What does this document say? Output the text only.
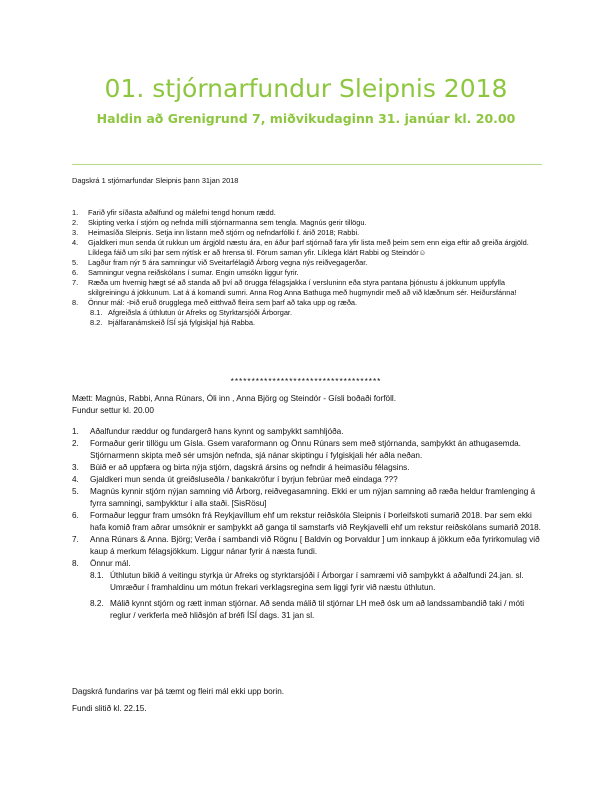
01. stjórnarfundur Sleipnis 2018
Haldin að Grenigrund 7, miðvikudaginn 31. janúar kl. 20.00
Dagskrá 1 stjórnarfundar Sleipnis þann 31jan 2018
1. Farið yfir síðasta aðalfund og málefni tengd honum rædd.
2. Skipting verka í stjórn og nefnda milli stjórnarmanna sem tengla. Magnús gerir tillögu.
3. Heimasíða Sleipnis. Setja inn listann með stjórn og nefndarfólki f. árið 2018; Rabbi.
4. Gjaldkeri mun senda út rukkun um árgjöld næstu ára, en áður þarf stjórnað fara yfir lista með þeim sem enn eiga eftir að greiða árgjöld. Líklega fáið um síki þar sem nýtísk er að hrensa til. Förum saman yfir. Líklega klárt Rabbi og Steindór☺
5. Lagður fram nýr 5 ára samningur við Sveitarfélagið Árborg vegna nýs reiðvegagerðar.
6. Samningur vegna reiðskólans í sumar. Engin umsókn liggur fyrir.
7. Ræða um hvernig hægt sé að standa að því að örugga félagsjakka í versluninn eða styra pantana þjónustu á jökkunum uppfylla skilgreiningu á jökkunum. Lat á á komandi sumri. Anna Rog Anna Bathuga með hugmyndir með að við klæðnum sér. Heiðursfánna!
8. Önnur mál: -Þið eruð örugglega með eitthvað fleira sem þarf að taka upp og ræða.
8.1. Afgreiðsla á úthlutun úr Afreks og Styrktarsjóði Árborgar.
8.2. Þjálfaranámskeið ÍSÍ sjá fylgiskjal hjá Rabba.
************************************
Mætt: Magnús, Rabbi, Anna Rúnars, Óli inn , Anna Björg og Steindór - Gísli boðaði forföll.
Fundur settur kl. 20.00
1. Aðalfundur ræddur og fundargerð hans kynnt og samþykkt samhljóða.
2. Formaður gerir tillögu um Gísla. Gsem varaformann og Önnu Rúnars sem með stjórnanda, samþykkt án athugasemda. Stjórnarmenn skipta með sér umsjón nefnda, sjá nánar skiptingu í fylgiskjali hér aðla neðan.
3. Búið er að uppfæra og birta nýja stjórn, dagskrá ársins og nefndir á heimasíðu félagsins.
4. Gjaldkeri mun senda út greiðsluseðla / bankakröfur í byrjun febrúar með eindaga ???
5. Magnús kynnir stjórn nýjan samning við Árborg, reiðvegasamning. Ekki er um nýjan samning að ræða heldur framlenging á fyrra samningi, samþykktur í alla staði. [SisRösu]
6. Formaður leggur fram umsókn frá Reykjavíllum ehf um rekstur reiðskóla Sleipnis í Þorleifskoti sumarið 2018. Þar sem ekki hafa komið fram aðrar umsóknir er samþykkt að ganga til samstarfs við Reykjavelli ehf um rekstur reiðskólans sumarið 2018.
7. Anna Rúnars & Anna. Björg; Verða í sambandi við Rögnu [ Baldvin og Þorvaldur ] um innkaup á jökkum eða fyrirkomulag við kaup á merkum félagsjökkum. Liggur nánar fyrir á næsta fundi.
8. Önnur mál.
8.1. Úthlutun bikið á veitingu styrkja úr Afreks og styrktarsjóði í Árborgar í samræmi við samþykkt á aðalfundi 24.jan. sl. Umræður í framhaldinu um mótun frekari verklagsregina sem liggi fyrir við næstu úthlutun.
8.2. Málið kynnt stjórn og rætt inman stjórnar. Að senda málið til stjórnar LH með ósk um að landssambandið taki / móti reglur / verkferla með hliðsjón af bréfi ÍSÍ dags. 31 jan sl.
Dagskrá fundarins var þá tæmt og fleiri mál ekki upp borin.
Fundi slitið kl. 22.15.
